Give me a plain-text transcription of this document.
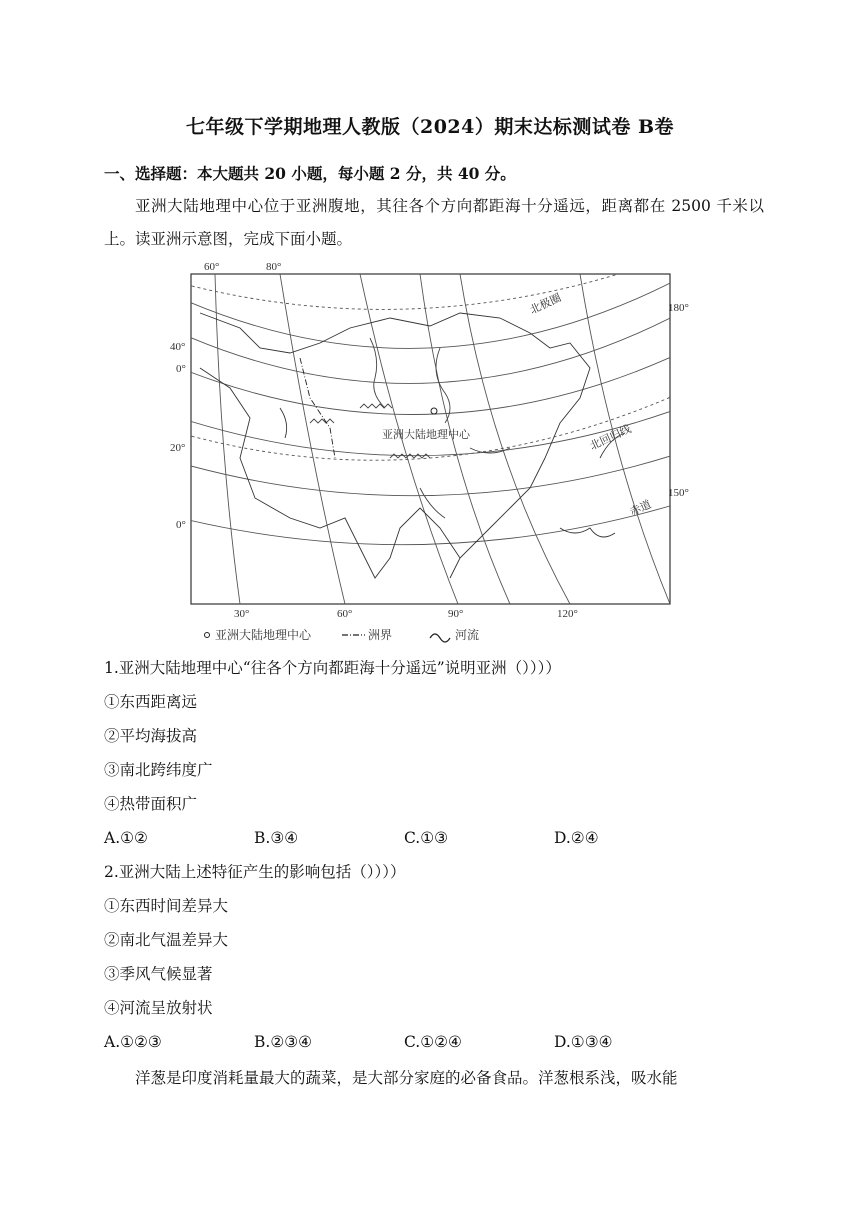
七年级下学期地理人教版（2024）期末达标测试卷 B卷
一、选择题：本大题共 20 小题，每小题 2 分，共 40 分。
亚洲大陆地理中心位于亚洲腹地，其往各个方向都距海十分遥远，距离都在 2500 千米以上。读亚洲示意图，完成下面小题。
亚洲大陆地理中心
北极圈
北回归线
赤道
60°	80°
180°
150°
40°
0°
20°
0°
30°	60°	90°	120°
亚洲大陆地理中心	洲界	河流
1.亚洲大陆地理中心“往各个方向都距海十分遥远”说明亚洲（））））
①东西距离远
②平均海拔高
③南北跨纬度广
④热带面积广
A.①②	B.③④	C.①③	D.②④
2.亚洲大陆上述特征产生的影响包括（））））
①东西时间差异大
②南北气温差异大
③季风气候显著
④河流呈放射状
A.①②③	B.②③④	C.①②④	D.①③④
洋葱是印度消耗量最大的蔬菜，是大部分家庭的必备食品。洋葱根系浅，吸水能
